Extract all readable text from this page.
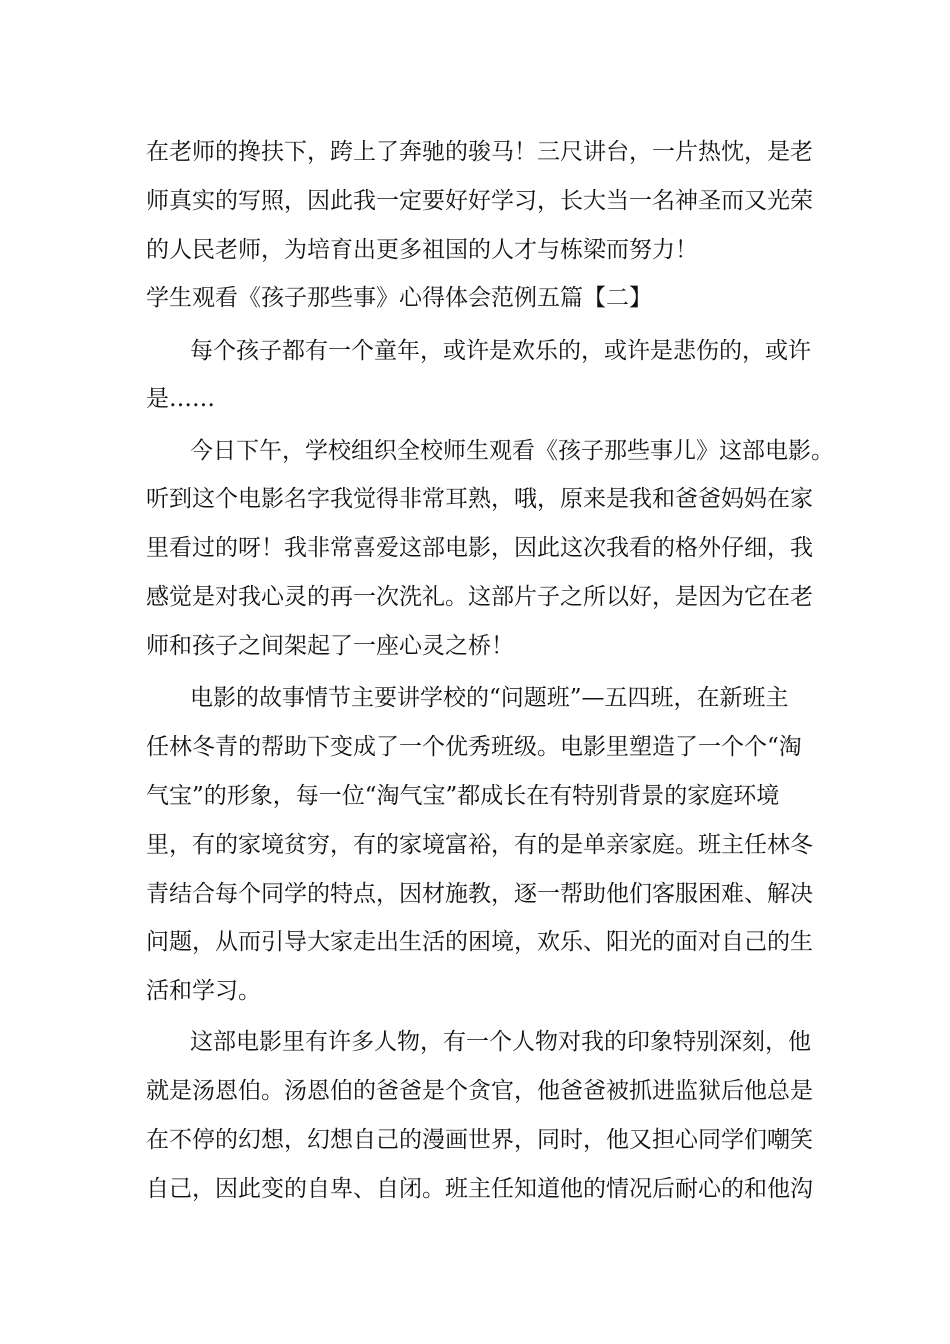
在老师的搀扶下，跨上了奔驰的骏马！三尺讲台，一片热忱，是老
师真实的写照，因此我一定要好好学习，长大当一名神圣而又光荣
的人民老师，为培育出更多祖国的人才与栋梁而努力！
学生观看《孩子那些事》心得体会范例五篇【二】
每个孩子都有一个童年，或许是欢乐的，或许是悲伤的，或许
是……
今日下午，学校组织全校师生观看《孩子那些事儿》这部电影。
听到这个电影名字我觉得非常耳熟，哦，原来是我和爸爸妈妈在家
里看过的呀！我非常喜爱这部电影，因此这次我看的格外仔细，我
感觉是对我心灵的再一次洗礼。这部片子之所以好，是因为它在老
师和孩子之间架起了一座心灵之桥！
电影的故事情节主要讲学校的“问题班”—五四班，在新班主
任林冬青的帮助下变成了一个优秀班级。电影里塑造了一个个“淘
气宝”的形象，每一位“淘气宝”都成长在有特别背景的家庭环境
里，有的家境贫穷，有的家境富裕，有的是单亲家庭。班主任林冬
青结合每个同学的特点，因材施教，逐一帮助他们客服困难、解决
问题，从而引导大家走出生活的困境，欢乐、阳光的面对自己的生
活和学习。
这部电影里有许多人物，有一个人物对我的印象特别深刻，他
就是汤恩伯。汤恩伯的爸爸是个贪官，他爸爸被抓进监狱后他总是
在不停的幻想，幻想自己的漫画世界，同时，他又担心同学们嘲笑
自己，因此变的自卑、自闭。班主任知道他的情况后耐心的和他沟
